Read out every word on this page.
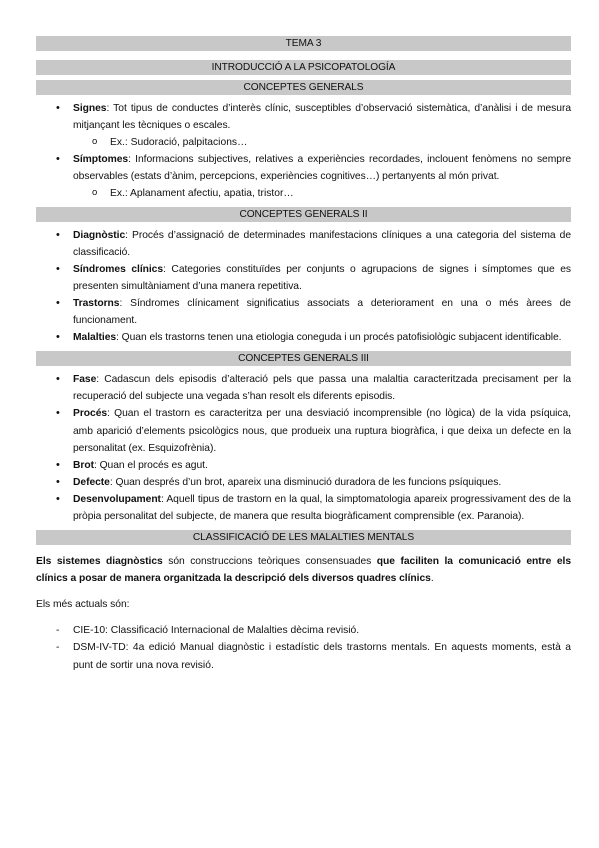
TEMA 3
INTRODUCCIÓ A LA PSICOPATOLOGÍA
CONCEPTES GENERALS
• Signes: Tot tipus de conductes d’interès clínic, susceptibles d’observació sistemàtica, d’anàlisi i de mesura mitjançant les tècniques o escales.
o Ex.: Sudoració, palpitacions…
• Símptomes: Informacions subjectives, relatives a experiències recordades, inclouent fenòmens no sempre observables (estats d’ànim, percepcions, experiències cognitives…) pertanyents al món privat.
o Ex.: Aplanament afectiu, apatia, tristor…
CONCEPTES GENERALS II
• Diagnòstic: Procés d’assignació de determinades manifestacions clíniques a una categoria del sistema de classificació.
• Síndromes clínics: Categories constituïdes per conjunts o agrupacions de signes i símptomes que es presenten simultàniament d’una manera repetitiva.
• Trastorns: Síndromes clínicament significatius associats a deteriorament en una o més àrees de funcionament.
• Malalties: Quan els trastorns tenen una etiologia coneguda i un procés patofisiològic subjacent identificable.
CONCEPTES GENERALS III
• Fase: Cadascun dels episodis d’alteració pels que passa una malaltia caracteritzada precisament per la recuperació del subjecte una vegada s’han resolt els diferents episodis.
• Procés: Quan el trastorn es caracteritza per una desviació incomprensible (no lògica) de la vida psíquica, amb aparició d’elements psicològics nous, que produeix una ruptura biogràfica, i que deixa un defecte en la personalitat (ex. Esquizofrènia).
• Brot: Quan el procés es agut.
• Defecte: Quan després d’un brot, apareix una disminució duradora de les funcions psíquiques.
• Desenvolupament: Aquell tipus de trastorn en la qual, la simptomatologia apareix progressivament des de la pròpia personalitat del subjecte, de manera que resulta biogràficament comprensible (ex. Paranoia).
CLASSIFICACIÓ DE LES MALALTIES MENTALS

Els sistemes diagnòstics són construccions teòriques consensuades que faciliten la comunicació entre els clínics a posar de manera organitzada la descripció dels diversos quadres clínics.

Els més actuals són:

- CIE-10: Classificació Internacional de Malalties dècima revisió.
- DSM-IV-TD: 4a edició Manual diagnòstic i estadístic dels trastorns mentals. En aquests moments, està a punt de sortir una nova revisió.
